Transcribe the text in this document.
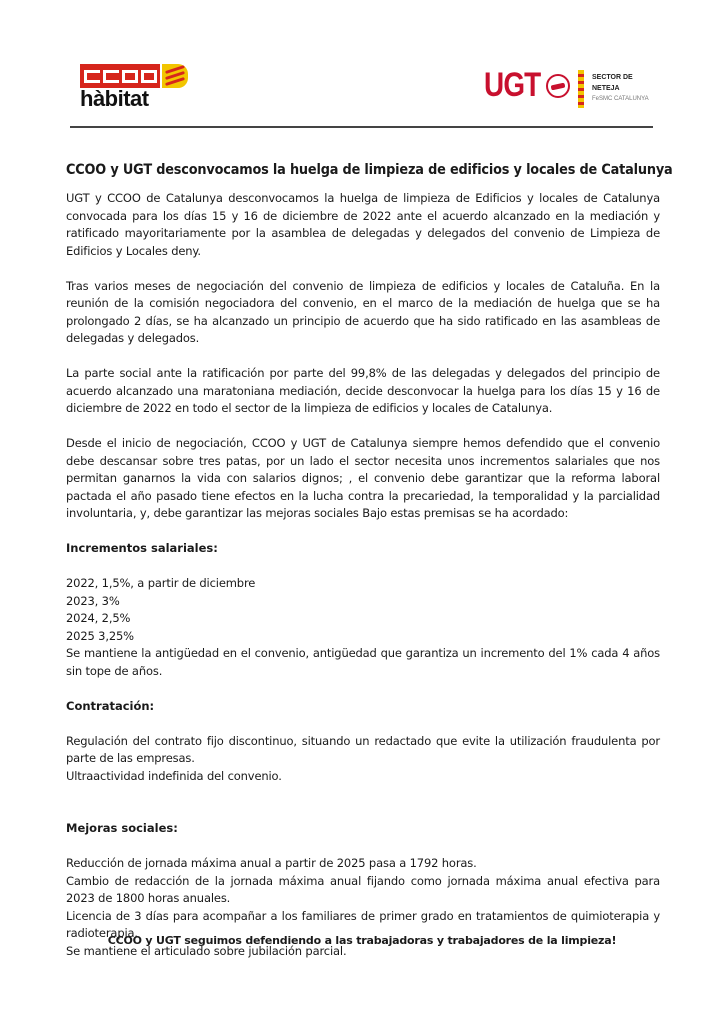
hàbitat	UGT	SECTOR DE
NETEJA
FeSMC CATALUNYA
CCOO y UGT desconvocamos la huelga de limpieza de edificios y locales de Catalunya

UGT y CCOO de Catalunya desconvocamos la huelga de limpieza de Edificios y locales de Catalunya convocada para los días 15 y 16 de diciembre de 2022 ante el acuerdo alcanzado en la mediación y ratificado mayoritariamente por la asamblea de delegadas y delegados del convenio de Limpieza de Edificios y Locales deny.

Tras varios meses de negociación del convenio de limpieza de edificios y locales de Cataluña. En la reunión de la comisión negociadora del convenio, en el marco de la mediación de huelga que se ha prolongado 2 días, se ha alcanzado un principio de acuerdo que ha sido ratificado en las asambleas de delegadas y delegados.

La parte social ante la ratificación por parte del 99,8% de las delegadas y delegados del principio de acuerdo alcanzado una maratoniana mediación, decide desconvocar la huelga para los días 15 y 16 de diciembre de 2022 en todo el sector de la limpieza de edificios y locales de Catalunya.

Desde el inicio de negociación, CCOO y UGT de Catalunya siempre hemos defendido que el convenio debe descansar sobre tres patas, por un lado el sector necesita unos incrementos salariales que nos permitan ganarnos la vida con salarios dignos; , el convenio debe garantizar que la reforma laboral pactada el año pasado tiene efectos en la lucha contra la precariedad, la temporalidad y la parcialidad involuntaria, y, debe garantizar las mejoras sociales Bajo estas premisas se ha acordado:

Incrementos salariales:
2022, 1,5%, a partir de diciembre
2023, 3%
2024, 2,5%
2025 3,25%
Se mantiene la antigüedad en el convenio, antigüedad que garantiza un incremento del 1% cada 4 años sin tope de años.
Contratación:
Regulación del contrato fijo discontinuo, situando un redactado que evite la utilización fraudulenta por parte de las empresas.
Ultraactividad indefinida del convenio.
Mejoras sociales:
Reducción de jornada máxima anual a partir de 2025 pasa a 1792 horas.
Cambio de redacción de la jornada máxima anual fijando como jornada máxima anual efectiva para 2023 de 1800 horas anuales.
Licencia de 3 días para acompañar a los familiares de primer grado en tratamientos de quimioterapia y radioterapia.
Se mantiene el articulado sobre jubilación parcial.
CCOO y UGT seguimos defendiendo a las trabajadoras y trabajadores de la limpieza!
